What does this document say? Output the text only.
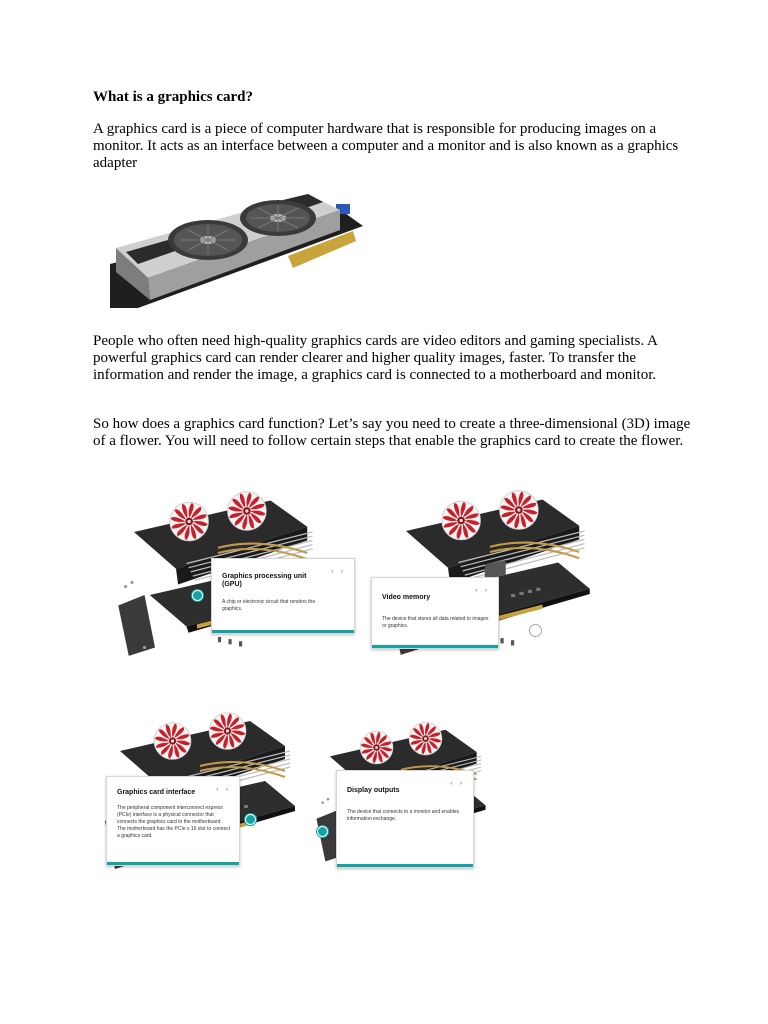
What is a graphics card?

A graphics card is a piece of computer hardware that is responsible for producing images on a monitor. It acts as an interface between a computer and a monitor and is also known as a graphics adapter

People who often need high-quality graphics cards are video editors and gaming specialists. A powerful graphics card can render clearer and higher quality images, faster. To transfer the information and render the image, a graphics card is connected to a motherboard and monitor.

So how does a graphics card function? Let’s say you need to create a three-dimensional (3D) image of a flower. You will need to follow certain steps that enable the graphics card to create the flower.

‹ ›
Graphics processing unit (GPU)
A chip or electronic circuit that renders the graphics.
‹ ›
Video memory
The device that stores all data related to images or graphics.
‹ ›
Graphics card interface
The peripheral component interconnect express (PCIe) interface is a physical connector that connects the graphics card to the motherboard. The motherboard has the PCIe x 16 slot to connect a graphics card.
‹ ›
Display outputs
The device that connects to a monitor and enables information exchange.
